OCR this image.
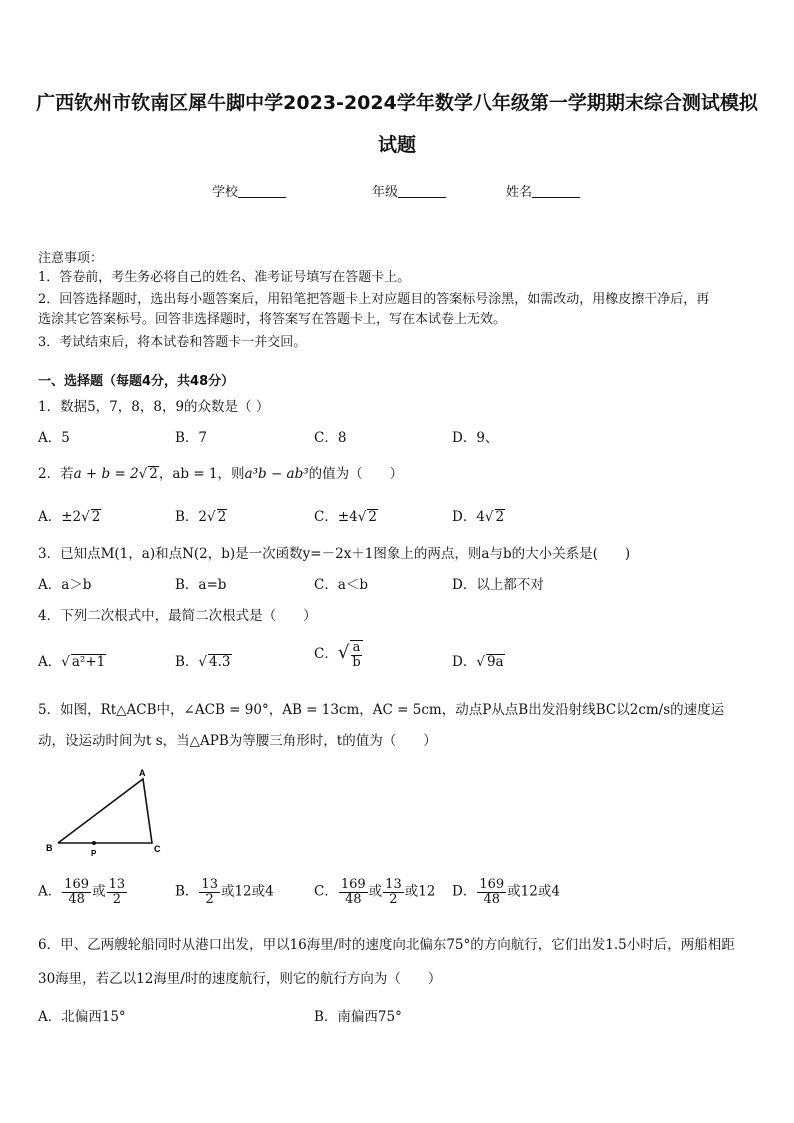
广西钦州市钦南区犀牛脚中学2023-2024学年数学八年级第一学期期末综合测试模拟
试题
学校	年级	姓名
注意事项：
1．答卷前，考生务必将自己的姓名、准考证号填写在答题卡上。
2．回答选择题时，选出每小题答案后，用铅笔把答题卡上对应题目的答案标号涂黑，如需改动，用橡皮擦干净后，再
选涂其它答案标号。回答非选择题时，将答案写在答题卡上，写在本试卷上无效。
3．考试结束后，将本试卷和答题卡一并交回。
一、选择题（每题4分，共48分）
1．数据5，7，8，8，9的众数是（ ）
A．5	B．7	C．8	D．9、
2．若a + b = 2√ 2，ab = 1，则a³b − ab³的值为（　　）
A．±2√ 2	B．2√ 2	C．±4√ 2	D．4√ 2
3．已知点M(1，a)和点N(2，b)是一次函数y=－2x＋1图象上的两点，则a与b的大小关系是(　　)
A．a＞b	B．a=b	C．a＜b	D．以上都不对
4．下列二次根式中，最简二次根式是（　　）
A．√ a²+1	B．√ 4.3	C．√ $\frac{a}{b}$	D．√ 9a
5．如图，Rt△ACB中，∠ACB = 90°，AB = 13cm，AC = 5cm，动点P从点B出发沿射线BC以2cm/s的速度运
动，设运动时间为t s，当△APB为等腰三角形时，t的值为（　　）
A
B	C
P
A． $\frac{169}{48}$ 或 $\frac{13}{2}$	B． $\frac{13}{2}$ 或12或4	C． $\frac{169}{48}$ 或 $\frac{13}{2}$ 或12 D． $\frac{169}{48}$ 或12或4
6．甲、乙两艘轮船同时从港口出发，甲以16海里/时的速度向北偏东75°的方向航行，它们出发1.5小时后，两船相距
30海里，若乙以12海里/时的速度航行，则它的航行方向为（　　）
A．北偏西15°	B．南偏西75°
